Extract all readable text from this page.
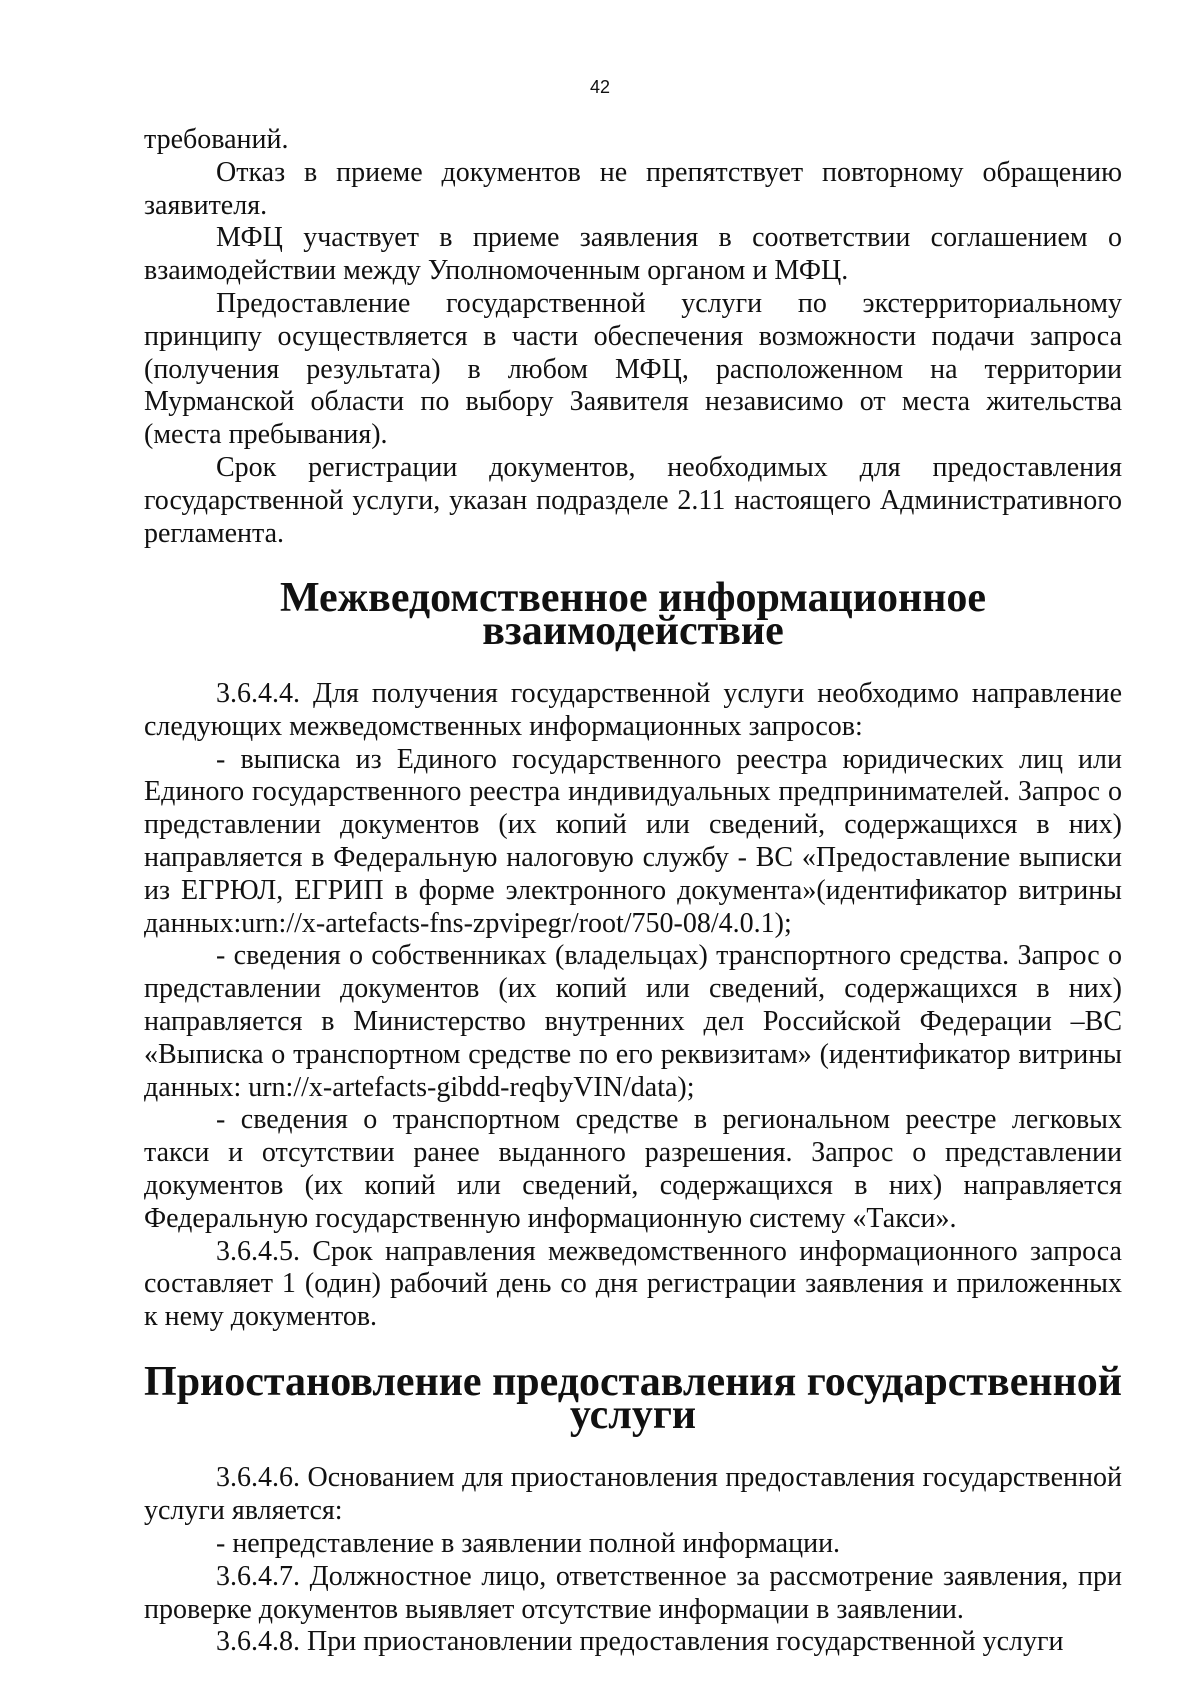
42

требований.

Отказ в приеме документов не препятствует повторному обращению заявителя.

МФЦ участвует в приеме заявления в соответствии соглашением о взаимодействии между Уполномоченным органом и МФЦ.

Предоставление государственной услуги по экстерриториальному принципу осуществляется в части обеспечения возможности подачи запроса (получения результата) в любом МФЦ, расположенном на территории Мурманской области по выбору Заявителя независимо от места жительства (места пребывания).

Срок регистрации документов, необходимых для предоставления государственной услуги, указан подразделе 2.11 настоящего Административного регламента.

Межведомственное информационное взаимодействие

3.6.4.4. Для получения государственной услуги необходимо направление следующих межведомственных информационных запросов:

- выписка из Единого государственного реестра юридических лиц или Единого государственного реестра индивидуальных предпринимателей. Запрос о представлении документов (их копий или сведений, содержащихся в них) направляется в Федеральную налоговую службу - ВС «Предоставление выписки из ЕГРЮЛ, ЕГРИП в форме электронного документа»(идентификатор витрины данных:urn://x-artefacts-fns-zpvipegr/root/750-08/4.0.1);

- сведения о собственниках (владельцах) транспортного средства. Запрос о представлении документов (их копий или сведений, содержащихся в них) направляется в Министерство внутренних дел Российской Федерации –ВС «Выписка о транспортном средстве по его реквизитам» (идентификатор витрины данных: urn://x-artefacts-gibdd-reqbyVIN/data);

- сведения о транспортном средстве в региональном реестре легковых такси и отсутствии ранее выданного разрешения. Запрос о представлении документов (их копий или сведений, содержащихся в них) направляется Федеральную государственную информационную систему «Такси».

3.6.4.5. Срок направления межведомственного информационного запроса составляет 1 (один) рабочий день со дня регистрации заявления и приложенных к нему документов.

Приостановление предоставления государственной услуги

3.6.4.6. Основанием для приостановления предоставления государственной услуги является:

- непредставление в заявлении полной информации.

3.6.4.7. Должностное лицо, ответственное за рассмотрение заявления, при проверке документов выявляет отсутствие информации в заявлении.

3.6.4.8. При приостановлении предоставления государственной услуги
